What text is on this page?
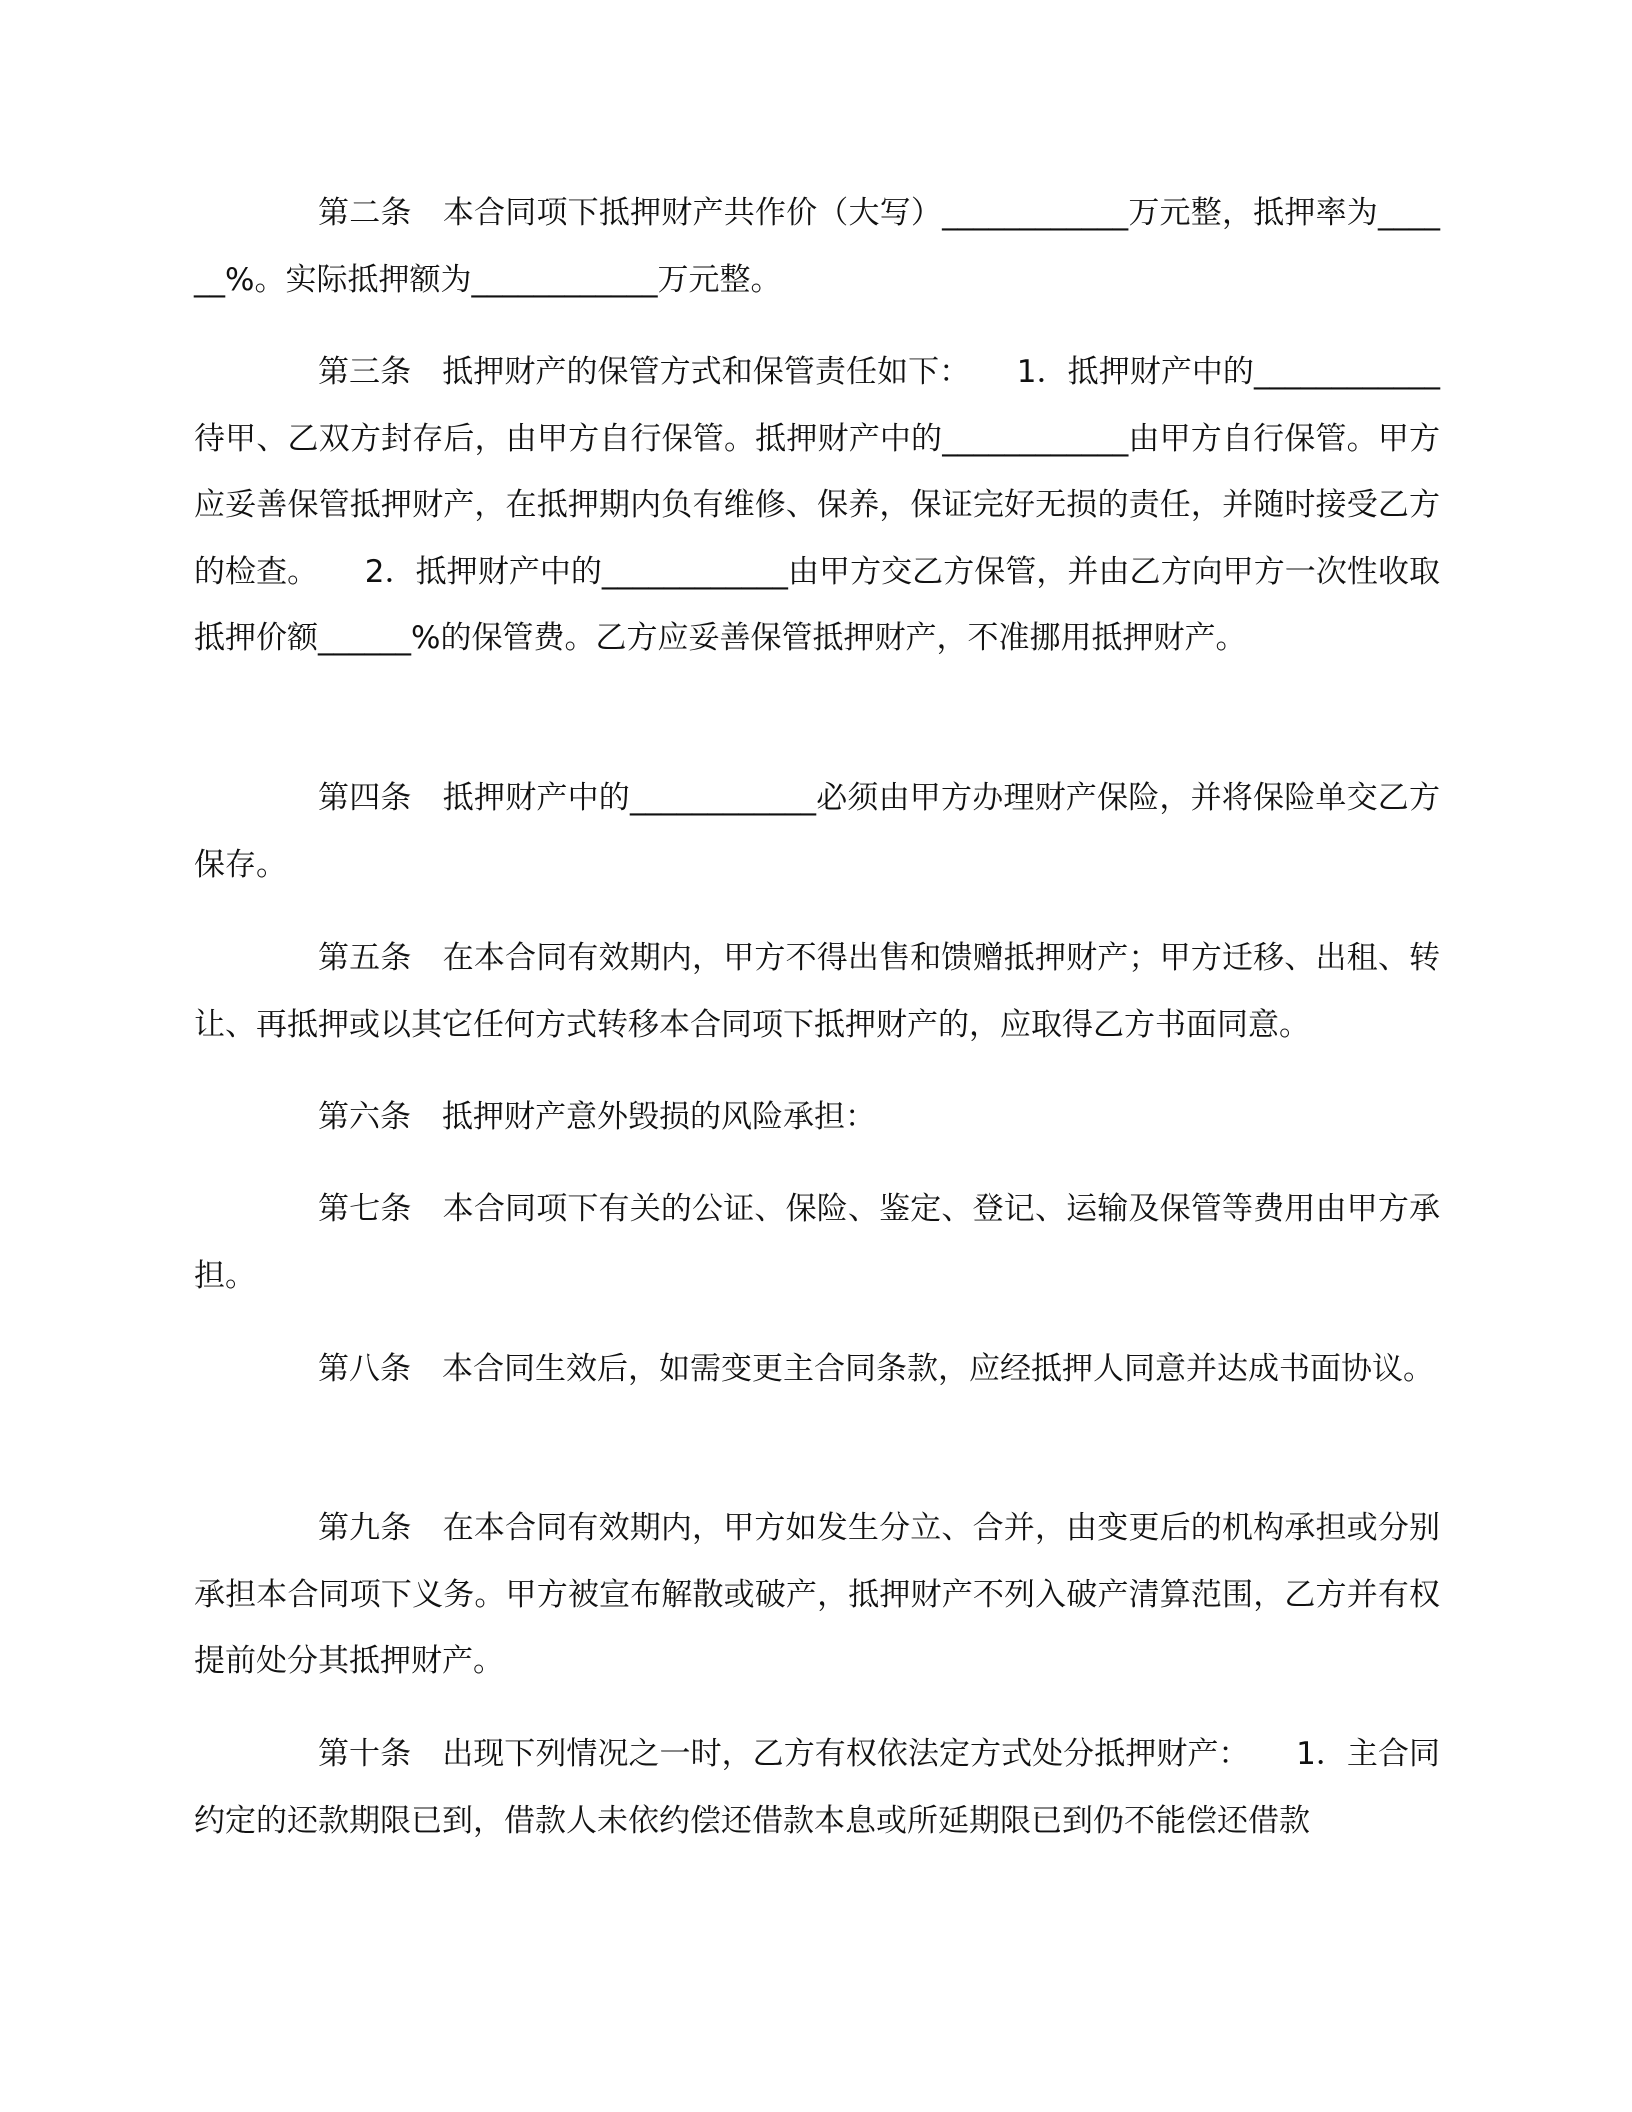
第二条　本合同项下抵押财产共作价（大写）____________万元整，抵押率为______%。实际抵押额为____________万元整。

第三条　抵押财产的保管方式和保管责任如下：　　1．抵押财产中的____________待甲、乙双方封存后，由甲方自行保管。抵押财产中的____________由甲方自行保管。甲方应妥善保管抵押财产，在抵押期内负有维修、保养，保证完好无损的责任，并随时接受乙方的检查。　　2．抵押财产中的____________由甲方交乙方保管，并由乙方向甲方一次性收取抵押价额______%的保管费。乙方应妥善保管抵押财产，不准挪用抵押财产。

第四条　抵押财产中的____________必须由甲方办理财产保险，并将保险单交乙方保存。

第五条　在本合同有效期内，甲方不得出售和馈赠抵押财产；甲方迁移、出租、转让、再抵押或以其它任何方式转移本合同项下抵押财产的，应取得乙方书面同意。

第六条　抵押财产意外毁损的风险承担：

第七条　本合同项下有关的公证、保险、鉴定、登记、运输及保管等费用由甲方承担。

第八条　本合同生效后，如需变更主合同条款，应经抵押人同意并达成书面协议。

第九条　在本合同有效期内，甲方如发生分立、合并，由变更后的机构承担或分别承担本合同项下义务。甲方被宣布解散或破产，抵押财产不列入破产清算范围，乙方并有权提前处分其抵押财产。

第十条　出现下列情况之一时，乙方有权依法定方式处分抵押财产：　　1．主合同约定的还款期限已到，借款人未依约偿还借款本息或所延期限已到仍不能偿还借款
